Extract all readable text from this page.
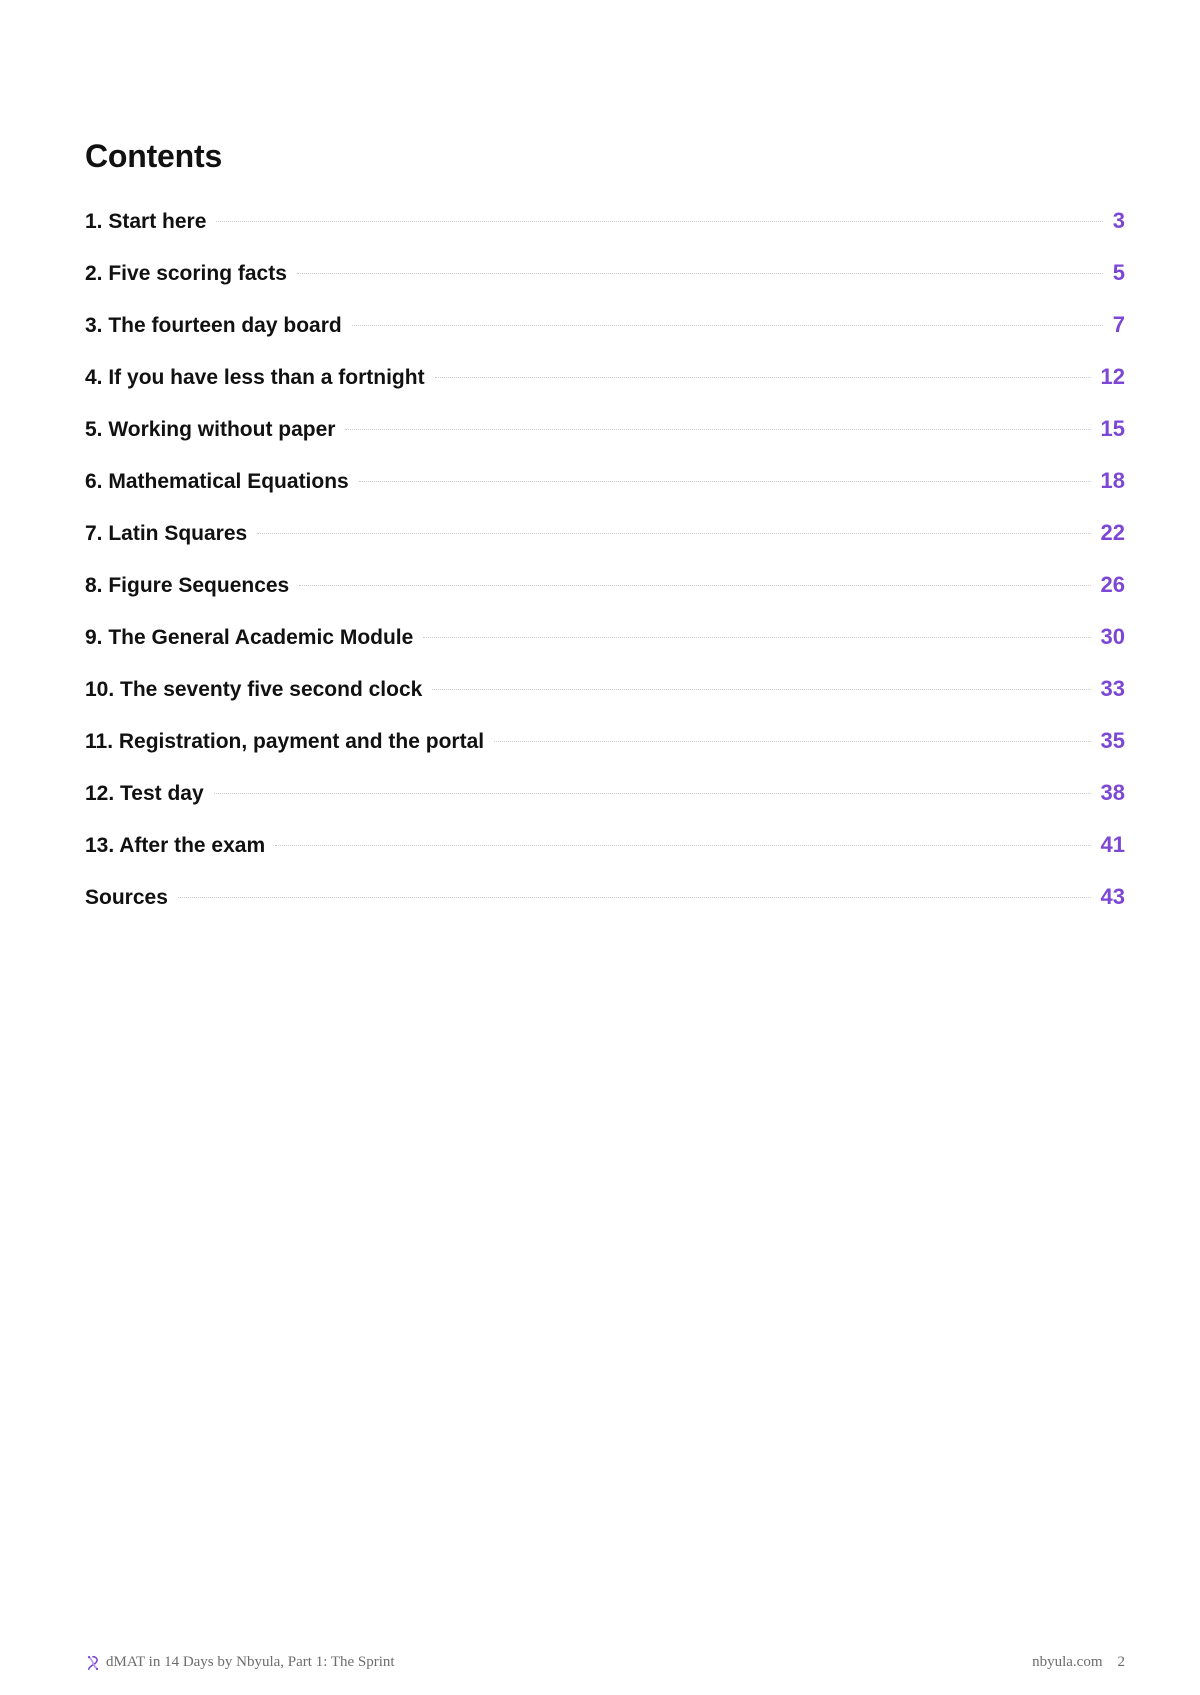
Contents
1. Start here	3
2. Five scoring facts	5
3. The fourteen day board	7
4. If you have less than a fortnight	12
5. Working without paper	15
6. Mathematical Equations	18
7. Latin Squares	22
8. Figure Sequences	26
9. The General Academic Module	30
10. The seventy five second clock	33
11. Registration, payment and the portal	35
12. Test day	38
13. After the exam	41
Sources	43
dMAT in 14 Days by Nbyula, Part 1: The Sprint	nbyula.com 2
